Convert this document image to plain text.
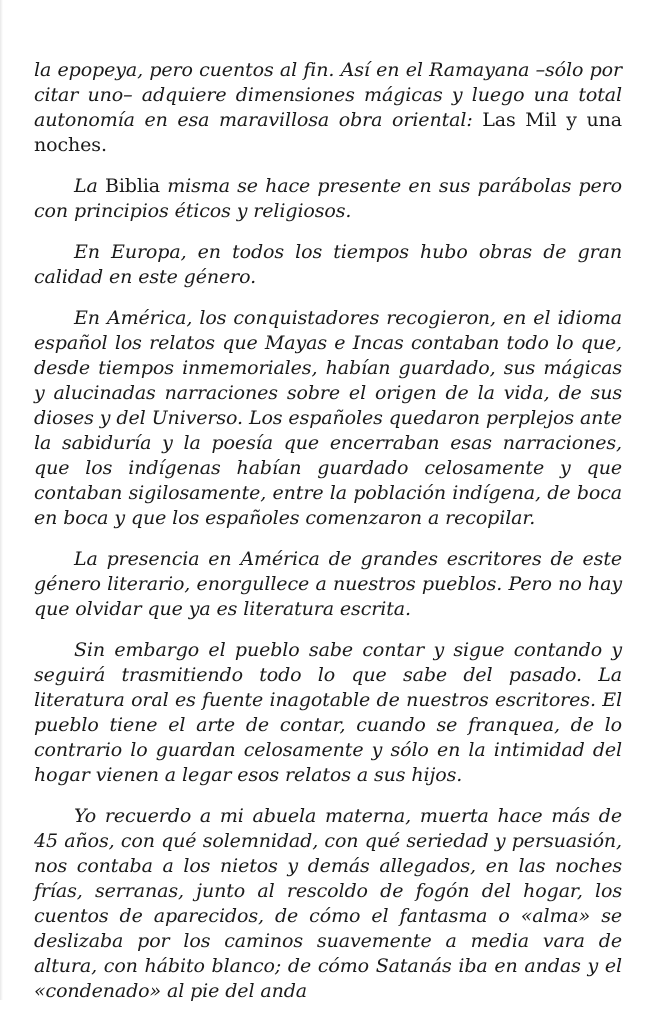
la epopeya, pero cuentos al fin. Así en el Ramayana –sólo por citar uno– adquiere dimensiones mágicas y luego una total autonomía en esa maravillosa obra oriental: Las Mil y una noches.

La Biblia misma se hace presente en sus parábolas pero con principios éticos y religiosos.

En Europa, en todos los tiempos hubo obras de gran calidad en este género.

En América, los conquistadores recogieron, en el idioma español los relatos que Mayas e Incas contaban todo lo que, desde tiempos inmemoriales, habían guardado, sus mágicas y alucinadas narraciones sobre el origen de la vida, de sus dioses y del Universo. Los españoles quedaron perplejos ante la sabiduría y la poesía que encerraban esas narraciones, que los indígenas habían guardado celosamente y que contaban sigilosamente, entre la población indígena, de boca en boca y que los españoles comenzaron a recopilar.

La presencia en América de grandes escritores de este género literario, enorgullece a nuestros pueblos. Pero no hay que olvidar que ya es literatura escrita.

Sin embargo el pueblo sabe contar y sigue contando y seguirá trasmitiendo todo lo que sabe del pasado. La literatura oral es fuente inagotable de nuestros escritores. El pueblo tiene el arte de contar, cuando se franquea, de lo contrario lo guardan celosamente y sólo en la intimidad del hogar vienen a legar esos relatos a sus hijos.

Yo recuerdo a mi abuela materna, muerta hace más de 45 años, con qué solemnidad, con qué seriedad y persuasión, nos contaba a los nietos y demás allegados, en las noches frías, serranas, junto al rescoldo de fogón del hogar, los cuentos de aparecidos, de cómo el fantasma o «alma» se deslizaba por los caminos suavemente a media vara de altura, con hábito blanco; de cómo Satanás iba en andas y el «condenado» al pie del anda
